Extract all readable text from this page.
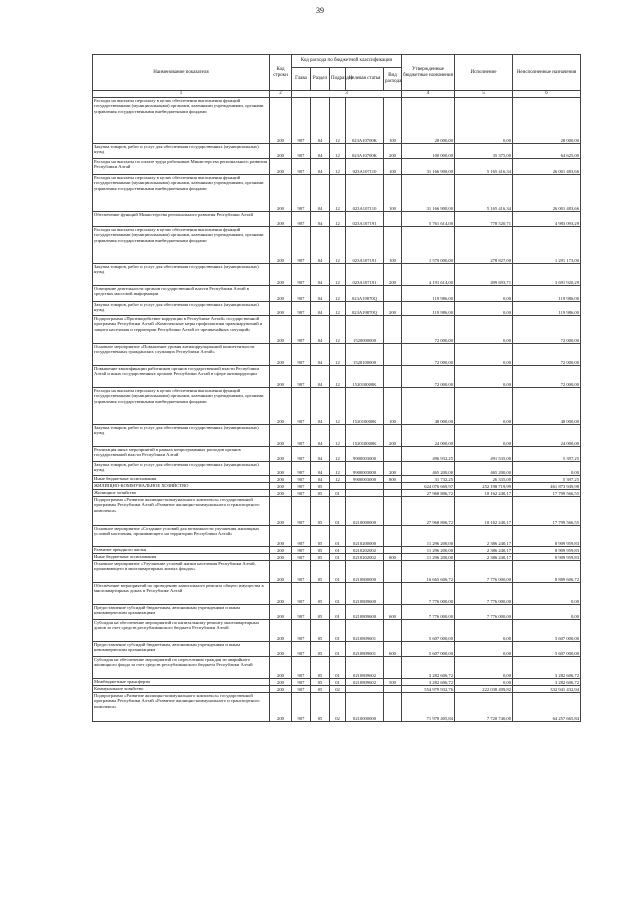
39
Наименование показателя	Код строки	Код расхода по бюджетной классификации					Утвержденные бюджетные назначения	Исполнение	Неисполненные назначения
		Глава	Раздел	Подраздел	Целевая статья	Вид расхода			
1	2	3					4	5	6
Расходы на выплаты персоналу в целях обеспечения выполнения функций государственными (муниципальными) органами, казенными учреждениями, органами управления государственными внебюджетными фондами	200	907	04	12	023A10700K	100	28 000,00	0,00	28 000,00
Закупка товаров, работ и услуг для обеспечения государственных (муниципальных) нужд	200	907	04	12	023A10700K	200	100 000,00	35 375,00	64 625,00
Расходы на выплаты по оплате труда работников Министерства регионального развития Республики Алтай	200	907	04	12	023A107110	100	31 166 900,00	5 165 416,34	26 001 483,66
Расходы на выплаты персоналу в целях обеспечения выполнения функций государственными (муниципальными) органами, казенными учреждениями, органами управления государственными внебюджетными фондами	200	907	04	12	023A107110	100	31 166 900,00	5 165 416,34	26 001 483,66
Обеспечение функций Министерства регионального развития Республики Алтай	200	907	04	12	023A107191		5 761 614,00	778 520,71	4 983 093,29
Расходы на выплаты персоналу в целях обеспечения выполнения функций государственными (муниципальными) органами, казенными учреждениями, органами управления государственными внебюджетными фондами	200	907	04	12	023A107191	100	1 570 000,00	278 827,00	1 291 173,00
Закупка товаров, работ и услуг для обеспечения государственных (муниципальных) нужд	200	907	04	12	023A107191	200	4 191 614,00	499 693,71	3 691 920,29
Освещение деятельности органов государственной власти Республики Алтай в средствах массовой информации	200	907	04	12	023A19870Q		119 986,00	0,00	119 986,00
Закупка товаров, работ и услуг для обеспечения государственных (муниципальных) нужд	200	907	04	12	023A19870Q	200	119 986,00	0,00	119 986,00
Подпрограмма «Противодействие коррупции в Республике Алтай» государственной программы Республики Алтай «Комплексные меры профилактики правонарушений и защита населения и территории Республики Алтай от чрезвычайных ситуаций»	200	907	04	12	1520000000		72 000,00	0,00	72 000,00
Основное мероприятие «Повышение уровня антикоррупционной компетентности государственных гражданских служащих Республики Алтай»	200	907	04	12	1520100000		72 000,00	0,00	72 000,00
Повышение квалификации работников органов государственной власти Республики Алтай и иных государственных органов Республики Алтай в сфере антикоррупции	200	907	04	12	152010000K		72 000,00	0,00	72 000,00
Расходы на выплаты персоналу в целях обеспечения выполнения функций государственными (муниципальными) органами, казенными учреждениями, органами управления государственными внебюджетными фондами	200	907	04	12	152010000K	100	48 000,00	0,00	48 000,00
Закупка товаров, работ и услуг для обеспечения государственных (муниципальных) нужд	200	907	04	12	152010000K	200	24 000,00	0,00	24 000,00
Реализация иных мероприятий в рамках непрограммных расходов органов государственной власти Республики Алтай	200	907	04	12	9900003000		496 932,25	491 535,00	5 397,25
Закупка товаров, работ и услуг для обеспечения государственных (муниципальных) нужд	200	907	04	12	9900003000	200	465 200,00	465 200,00	0,00
Иные бюджетные ассигнования	200	907	04	12	9900003000	800	31 732,25	26 335,00	5 397,25
ЖИЛИЩНО-КОММУНАЛЬНОЕ ХОЗЯЙСТВО	200	907	05				624 076 669,97	252 198 719,99	461 873 949,98
Жилищное хозяйство	200	907	05	01			27 968 806,72	10 162 240,17	17 799 566,55
Подпрограмма «Развитие жилищно-коммунального комплекса» государственной программы Республики Алтай «Развитие жилищно-коммунального и транспортного комплекса»	200	907	05	01	0210000000		27 968 806,72	10 162 240,17	17 799 566,55
Основное мероприятие «Создание условий для возможности улучшения жилищных условий населения, проживающего на территории Республики Алтай»	200	907	05	01	0210200000		11 296 200,00	2 386 240,17	8 909 959,83
Развитие арендного жилья	200	907	05	01	0210202002		11 296 200,00	2 386 240,17	8 909 959,83
Иные бюджетные ассигнования	200	907	05	01	0210202002	800	11 296 200,00	2 386 240,17	8 909 959,83
Основное мероприятие «Улучшение условий жизни населения Республики Алтай, проживающего в многоквартирных жилых фондах»	200	907	05	01	0210800000		16 665 606,72	7 776 000,00	8 889 606,72
Обеспечение мероприятий по проведению капитального ремонта общего имущества в многоквартирных домах в Республике Алтай	200	907	05	01	0210809600		7 776 000,00	7 776 000,00	0,00
Предоставление субсидий бюджетным, автономным учреждениям и иным некоммерческим организациям	200	907	05	01	0210809600	600	7 776 000,00	7 776 000,00	0,00
Субсидия на обеспечение мероприятий по капитальному ремонту многоквартирных домов за счет средств республиканского бюджета Республики Алтай	200	907	05	01	0210809601		5 607 000,00	0,00	5 607 000,00
Предоставление субсидий бюджетным, автономным учреждениям и иным некоммерческим организациям	200	907	05	01	0210809601	600	5 607 000,00	0,00	5 607 000,00
Субсидия на обеспечение мероприятий по переселению граждан из аварийного жилищного фонда за счет средств республиканского бюджета Республики Алтай	200	907	05	01	0210809602		3 282 606,72	0,00	3 282 606,72
Межбюджетные трансферты	200	907	05	01	0210809602	500	3 282 606,72	0,00	3 282 606,72
Коммунальное хозяйство	200	907	05	02			554 979 932,76	222 038 499,82	332 941 432,94
Подпрограмма «Развитие жилищно-коммунального комплекса» государственной программы Республики Алтай «Развитие жилищно-коммунального и транспортного комплекса»	200	907	05	02	0210000000		71 978 405,84	7 720 740,00	64 257 665,84
